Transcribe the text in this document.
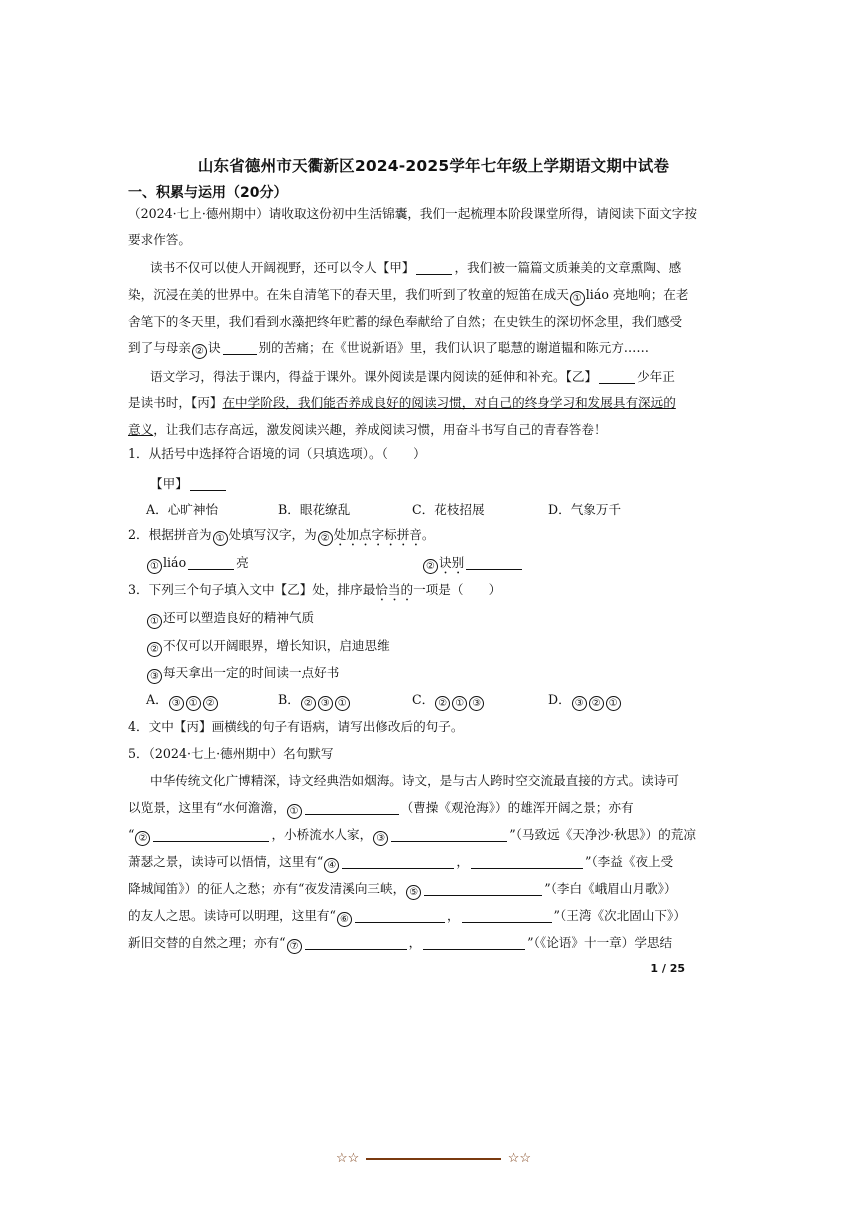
山东省德州市天衢新区2024-2025学年七年级上学期语文期中试卷
一、积累与运用（20分）
（2024·七上·德州期中）请收取这份初中生活锦囊，我们一起梳理本阶段课堂所得，请阅读下面文字按
要求作答。
读书不仅可以使人开阔视野，还可以令人【甲】	，我们被一篇篇文质兼美的文章熏陶、感
染，沉浸在美的世界中。在朱自清笔下的春天里，我们听到了牧童的短笛在成天 ① liáo 亮地响；在老
舍笔下的冬天里，我们看到水藻把终年贮蓄的绿色奉献给了自然；在史铁生的深切怀念里，我们感受
到了与母亲 ② 诀	别的苦痛；在《世说新语》里，我们认识了聪慧的谢道韫和陈元方……
语文学习，得法于课内，得益于课外。课外阅读是课内阅读的延伸和补充。【乙】	少年正
是读书时，【丙】在中学阶段，我们能否养成良好的阅读习惯，对自己的终身学习和发展具有深远的
意义，让我们志存高远，激发阅读兴趣，养成阅读习惯，用奋斗书写自己的青春答卷！
1．从括号中选择符合语境的词（只填选项）。（　　）
【甲】
A．心旷神怡	B．眼花缭乱	C．花枝招展	D．气象万千
2．根据拼音为 ① 处填写汉字，为 ② 处加点字标拼音。
① liáo	亮	② 诀别
3．下列三个句子填入文中【乙】处，排序最恰当的一项是（　　）
① 还可以塑造良好的精神气质
② 不仅可以开阔眼界，增长知识，启迪思维
③ 每天拿出一定的时间读一点好书
A． ③ ① ②	B． ② ③ ①	C． ② ① ③	D． ③ ② ①
4．文中【丙】画横线的句子有语病，请写出修改后的句子。
5．（2024·七上·德州期中）名句默写
中华传统文化广博精深，诗文经典浩如烟海。诗文，是与古人跨时空交流最直接的方式。读诗可
以览景，这里有“水何澹澹， ①	（曹操《观沧海》）的雄浑开阔之景；亦有
“ ②	，小桥流水人家， ③	”（马致远《天净沙·秋思》）的荒凉
萧瑟之景，读诗可以悟情，这里有“ ④	，	”（李益《夜上受
降城闻笛》）的征人之愁；亦有“夜发清溪向三峡， ⑤	”（李白《峨眉山月歌》）
的友人之思。读诗可以明理，这里有“ ⑥	，	”（王湾《次北固山下》）
新旧交替的自然之理；亦有“ ⑦	，	”（《论语》十一章）学思结
1 / 25
☆☆	☆☆
